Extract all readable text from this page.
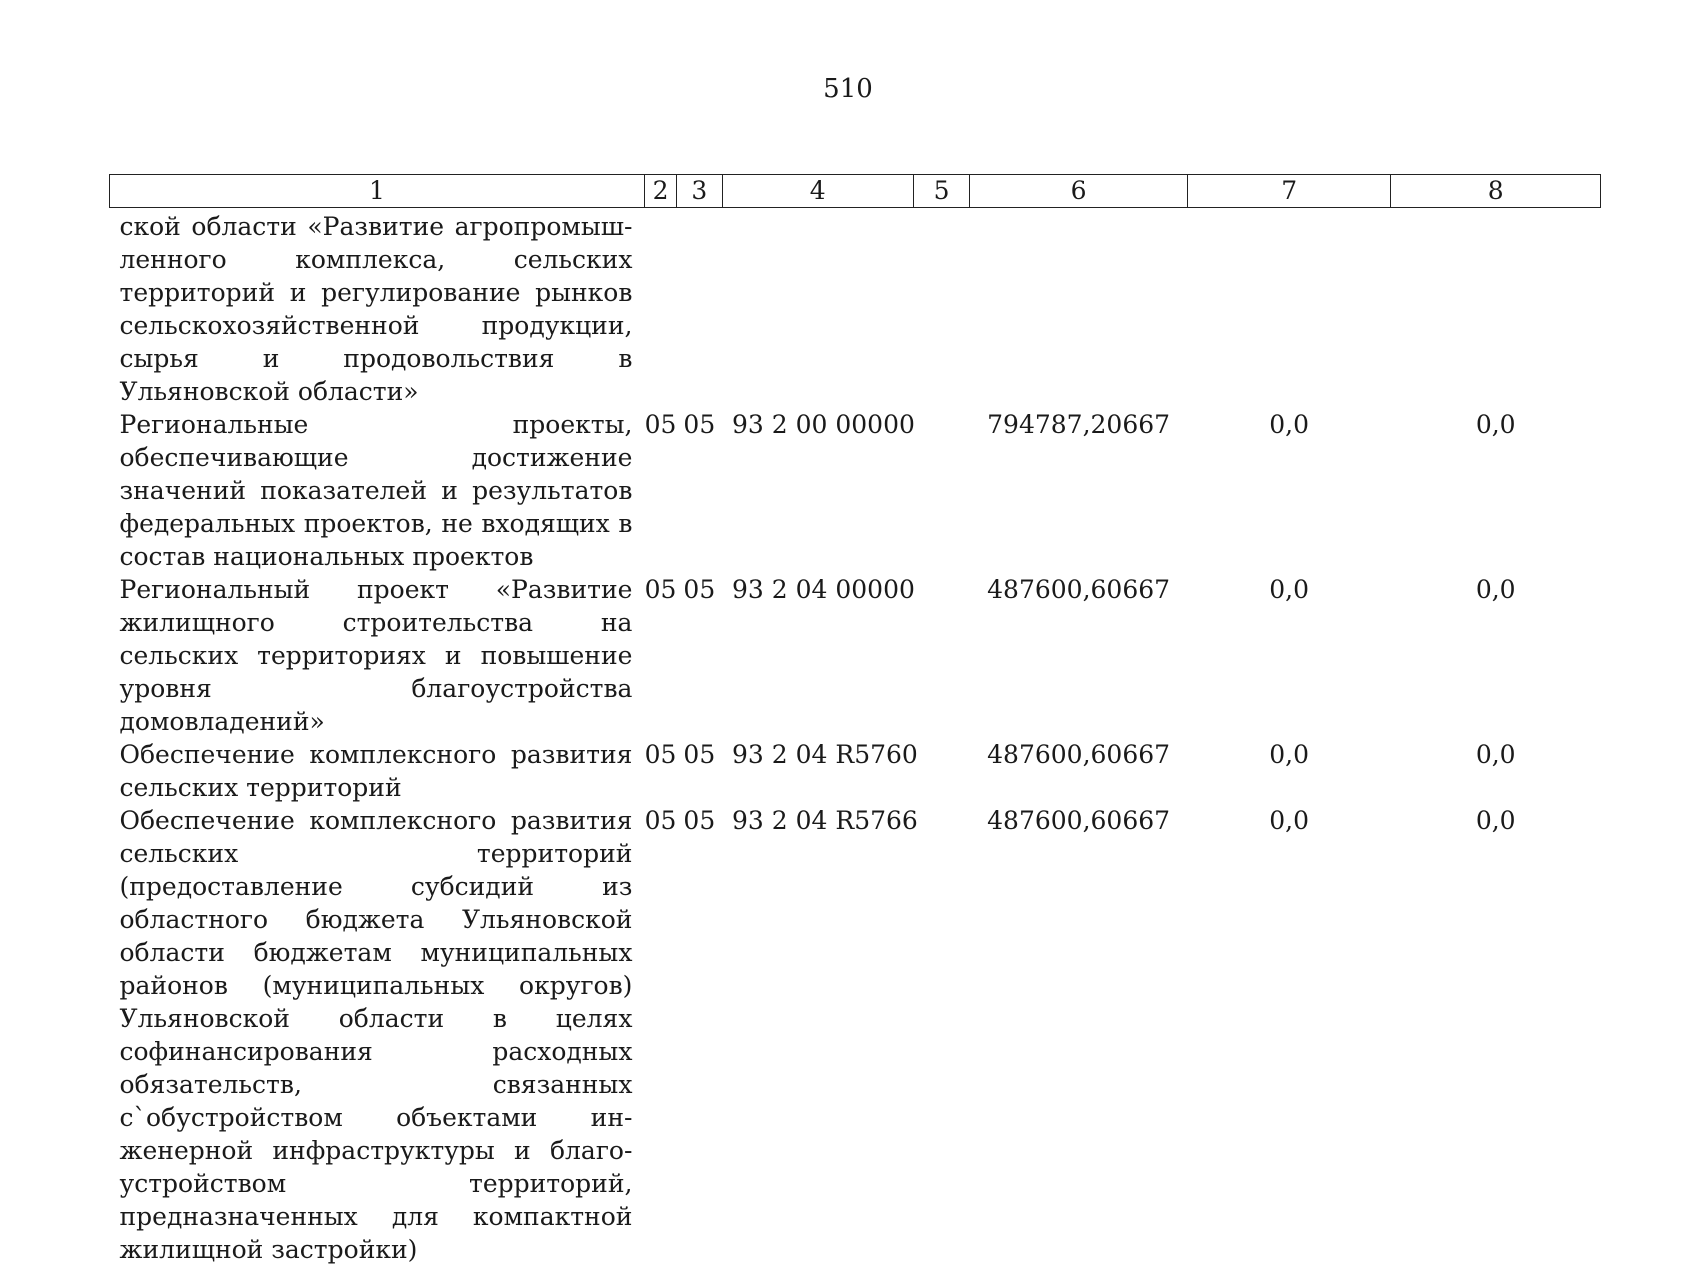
510
1	2	3	4	5	6	7	8
ской области «Развитие агропромышленного комплекса, сельских территорий и регулирование рынков сельскохозяйственной продукции, сырья и продовольствия в Ульяновской области»							
Региональные проекты, обеспечивающие достижение значений показателей и результатов федеральных проектов, не входящих в состав национальных проектов	05	05	93 2 00 00000		794787,20667	0,0	0,0
Региональный проект «Развитие жилищного строительства на сельских территориях и повышение уровня благоустройства домовладений»	05	05	93 2 04 00000		487600,60667	0,0	0,0
Обеспечение комплексного развития сельских территорий	05	05	93 2 04 R5760		487600,60667	0,0	0,0
Обеспечение комплексного развития сельских территорий (предоставление субсидий из областного бюджета Ульяновской области бюджетам муниципальных районов (муниципальных округов) Ульяновской области в целях софинансирования расходных обязательств, связанных с`обустройством объектами инженерной инфраструктуры и благоустройством территорий, предназначенных для компактной жилищной застройки)	05	05	93 2 04 R5766		487600,60667	0,0	0,0
